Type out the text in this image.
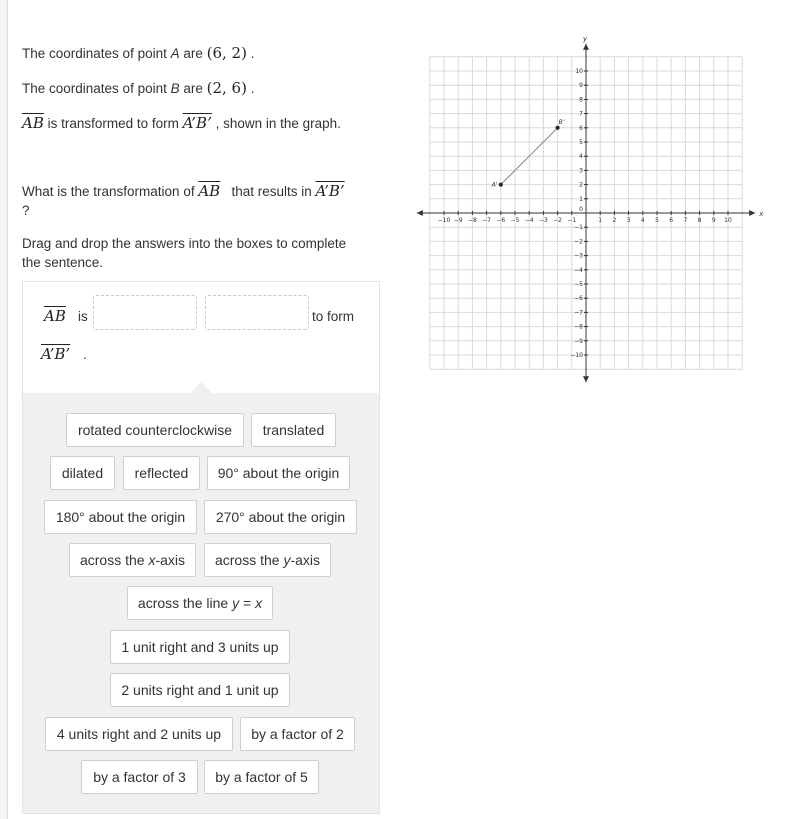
The coordinates of point A are (6, 2) .
The coordinates of point B are (2, 6) .
$\overline{AB}$ is transformed to form A’B’ , shown in the graph.
What is the transformation of $\overline{AB}$   that results in A’B’
?
Drag and drop the answers into the boxes to complete the sentence.
$\overline{AB}$ is	to form
A’B’ .
rotated counterclockwise	translated
dilated	reflected	90° about the origin
180° about the origin	270° about the origin
across the x-axis	across the y-axis
across the line y = x
1 unit right and 3 units up
2 units right and 1 unit up
4 units right and 2 units up	by a factor of 2
by a factor of 3	by a factor of 5
x
y
−10 −9 −8 −7 −6 −5 −4 −3 −2 −1	1 2 3 4 5 6 7 8 9 10
−10
−9
−8
−7
−6
−5
−4
−3
−2
−1
1
2
3
4
5
6
7
8
9
10
0
A’
B’
